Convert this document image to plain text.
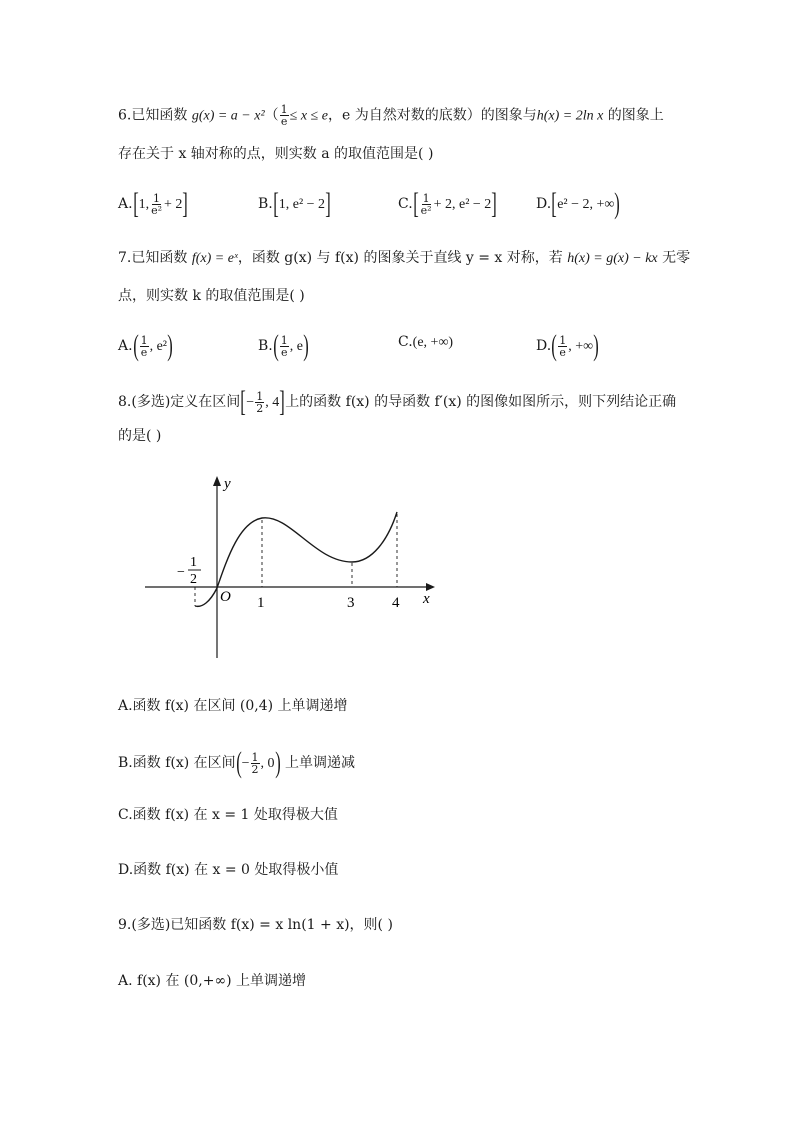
6.已知函数 $g(x) = a - x^2( \frac{1}{e} \le x \le e$，e 为自然对数的底数）的图象与h(x) = 2ln x 的图象上
存在关于 x 轴对称的点，则实数 a 的取值范围是( )
A.[1, $\frac{1}{\text{e²}} + 2$]	B.[1, e² − 2]	$C.[ \frac{1}{\text{e²}} + 2$, e² − 2]	D.[e² − 2, +∞)
7.已知函数 f(x) = eˣ，函数 g(x) 与 f(x) 的图象关于直线 y = x 对称，若 h(x) = g(x) − kx 无零
点，则实数 k 的取值范围是( )
$A.( \frac{1}{e}$ , e²)	$B.( \frac{1}{e}$ , e)	C.(e, +∞)	$D.( \frac{1}{e}$ , +∞)
8.(多选)定义在区间[− $\frac{1}{2}$ , 4]上的函数 f(x) 的导函数 f′(x) 的图像如图所示，则下列结论正确
的是( )
y
x
O 1	3	4
−
1
2
A.函数 f(x) 在区间 (0,4) 上单调递增
B.函数 f(x) 在区间(− $\frac{1}{2}$ , 0) 上单调递减
C.函数 f(x) 在 x = 1 处取得极大值
D.函数 f(x) 在 x = 0 处取得极小值
9.(多选)已知函数 f(x) = x ln(1 + x)，则( )
A. f(x) 在 (0,+∞) 上单调递增
